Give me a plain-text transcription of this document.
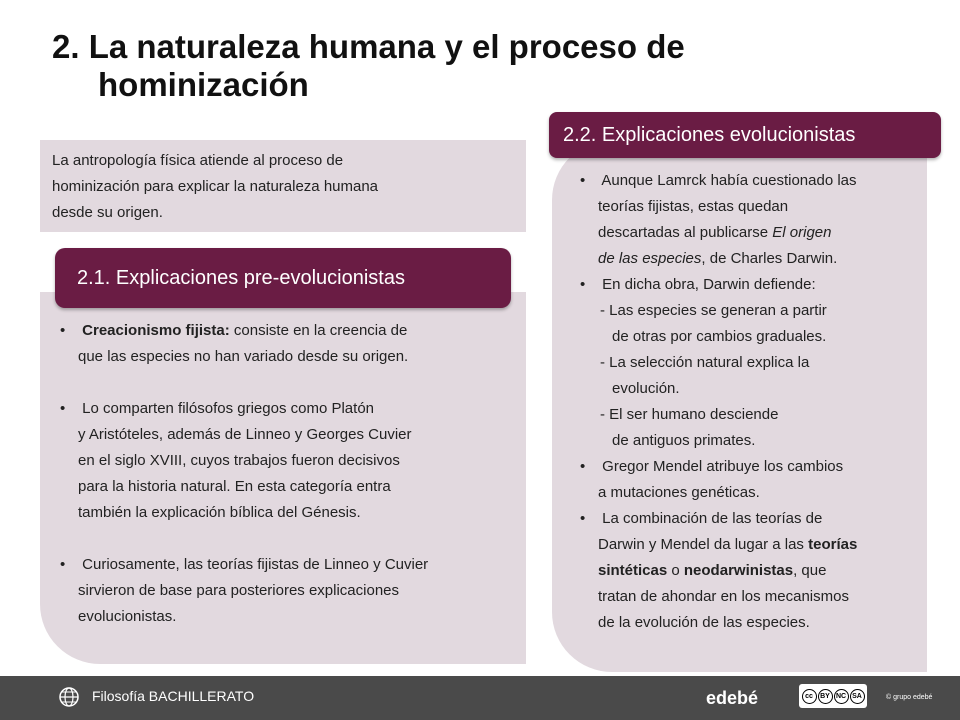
2. La naturaleza humana y el proceso de
hominización
La antropología física atiende al proceso de
hominización para explicar la naturaleza humana
desde su origen.
2.1. Explicaciones pre-evolucionistas
• Creacionismo fijista: consiste en la creencia de
que las especies no han variado desde su origen.
• Lo comparten filósofos griegos como Platón
y Aristóteles, además de Linneo y Georges Cuvier
en el siglo XVIII, cuyos trabajos fueron decisivos
para la historia natural. En esta categoría entra
también la explicación bíblica del Génesis.
• Curiosamente, las teorías fijistas de Linneo y Cuvier
sirvieron de base para posteriores explicaciones
evolucionistas.
2.2. Explicaciones evolucionistas
• Aunque Lamrck había cuestionado las
teorías fijistas, estas quedan
descartadas al publicarse El origen
de las especies, de Charles Darwin.
• En dicha obra, Darwin defiende:
- Las especies se generan a partir
de otras por cambios graduales.
- La selección natural explica la
evolución.
- El ser humano desciende
de antiguos primates.
• Gregor Mendel atribuye los cambios
a mutaciones genéticas.
• La combinación de las teorías de
Darwin y Mendel da lugar a las teorías
sintéticas o neodarwinistas, que
tratan de ahondar en los mecanismos
de la evolución de las especies.
Filosofía BACHILLERATO	edebé	cc	BY NC SA	© grupo edebé
